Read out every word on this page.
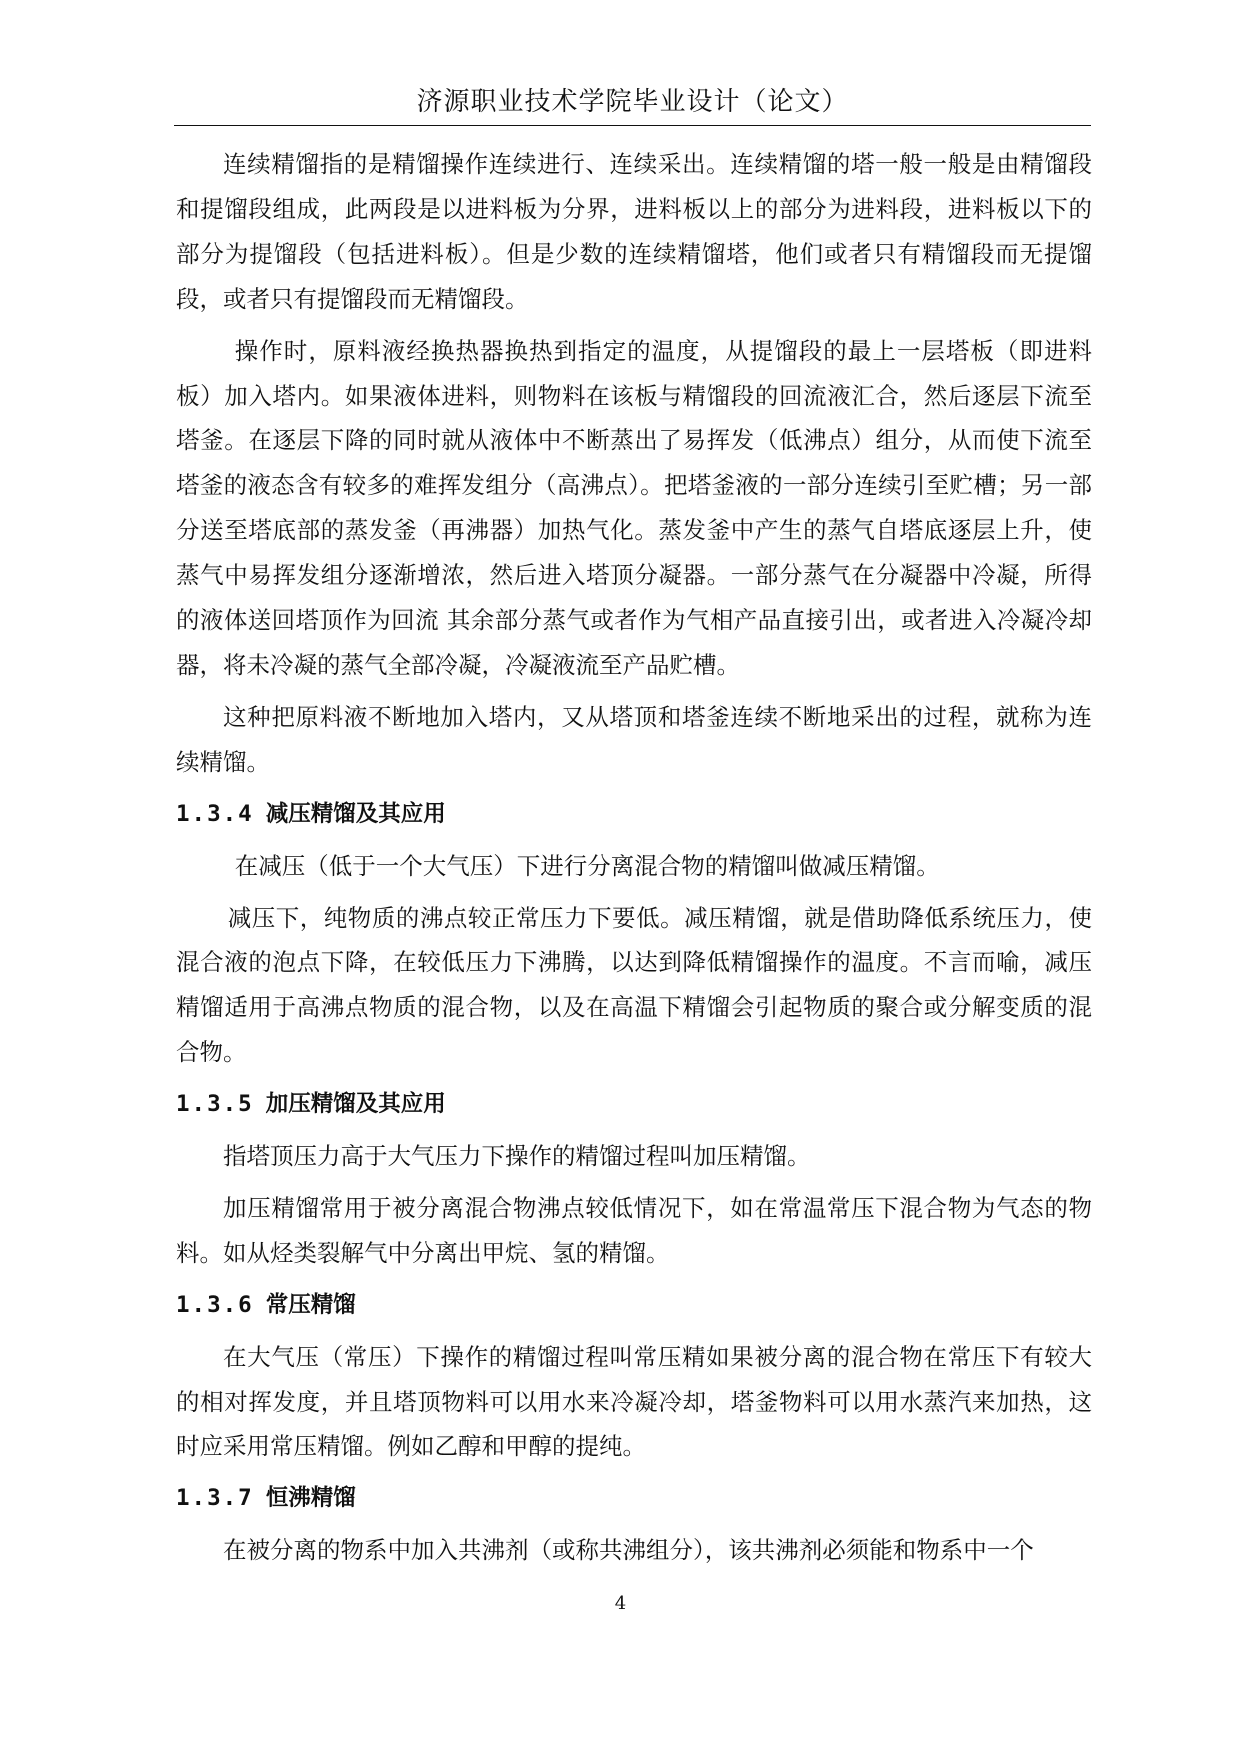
济源职业技术学院毕业设计（论文）

连续精馏指的是精馏操作连续进行、连续采出。连续精馏的塔一般一般是由精馏段和提馏段组成，此两段是以进料板为分界，进料板以上的部分为进料段，进料板以下的部分为提馏段（包括进料板）。但是少数的连续精馏塔，他们或者只有精馏段而无提馏段，或者只有提馏段而无精馏段。

操作时，原料液经换热器换热到指定的温度，从提馏段的最上一层塔板（即进料板）加入塔内。如果液体进料，则物料在该板与精馏段的回流液汇合，然后逐层下流至塔釜。在逐层下降的同时就从液体中不断蒸出了易挥发（低沸点）组分，从而使下流至塔釜的液态含有较多的难挥发组分（高沸点）。把塔釜液的一部分连续引至贮槽；另一部分送至塔底部的蒸发釜（再沸器）加热气化。蒸发釜中产生的蒸气自塔底逐层上升，使蒸气中易挥发组分逐渐增浓，然后进入塔顶分凝器。一部分蒸气在分凝器中冷凝，所得的液体送回塔顶作为回流 其余部分蒸气或者作为气相产品直接引出，或者进入冷凝冷却器，将未冷凝的蒸气全部冷凝，冷凝液流至产品贮槽。

这种把原料液不断地加入塔内，又从塔顶和塔釜连续不断地采出的过程，就称为连续精馏。

1.3.4 减压精馏及其应用

在减压（低于一个大气压）下进行分离混合物的精馏叫做减压精馏。

减压下，纯物质的沸点较正常压力下要低。减压精馏，就是借助降低系统压力，使混合液的泡点下降，在较低压力下沸腾，以达到降低精馏操作的温度。不言而喻，减压精馏适用于高沸点物质的混合物，以及在高温下精馏会引起物质的聚合或分解变质的混合物。

1.3.5 加压精馏及其应用

指塔顶压力高于大气压力下操作的精馏过程叫加压精馏。

加压精馏常用于被分离混合物沸点较低情况下，如在常温常压下混合物为气态的物料。如从烃类裂解气中分离出甲烷、氢的精馏。

1.3.6 常压精馏

在大气压（常压）下操作的精馏过程叫常压精如果被分离的混合物在常压下有较大的相对挥发度，并且塔顶物料可以用水来冷凝冷却，塔釜物料可以用水蒸汽来加热，这时应采用常压精馏。例如乙醇和甲醇的提纯。

1.3.7 恒沸精馏

在被分离的物系中加入共沸剂（或称共沸组分），该共沸剂必须能和物系中一个

4
